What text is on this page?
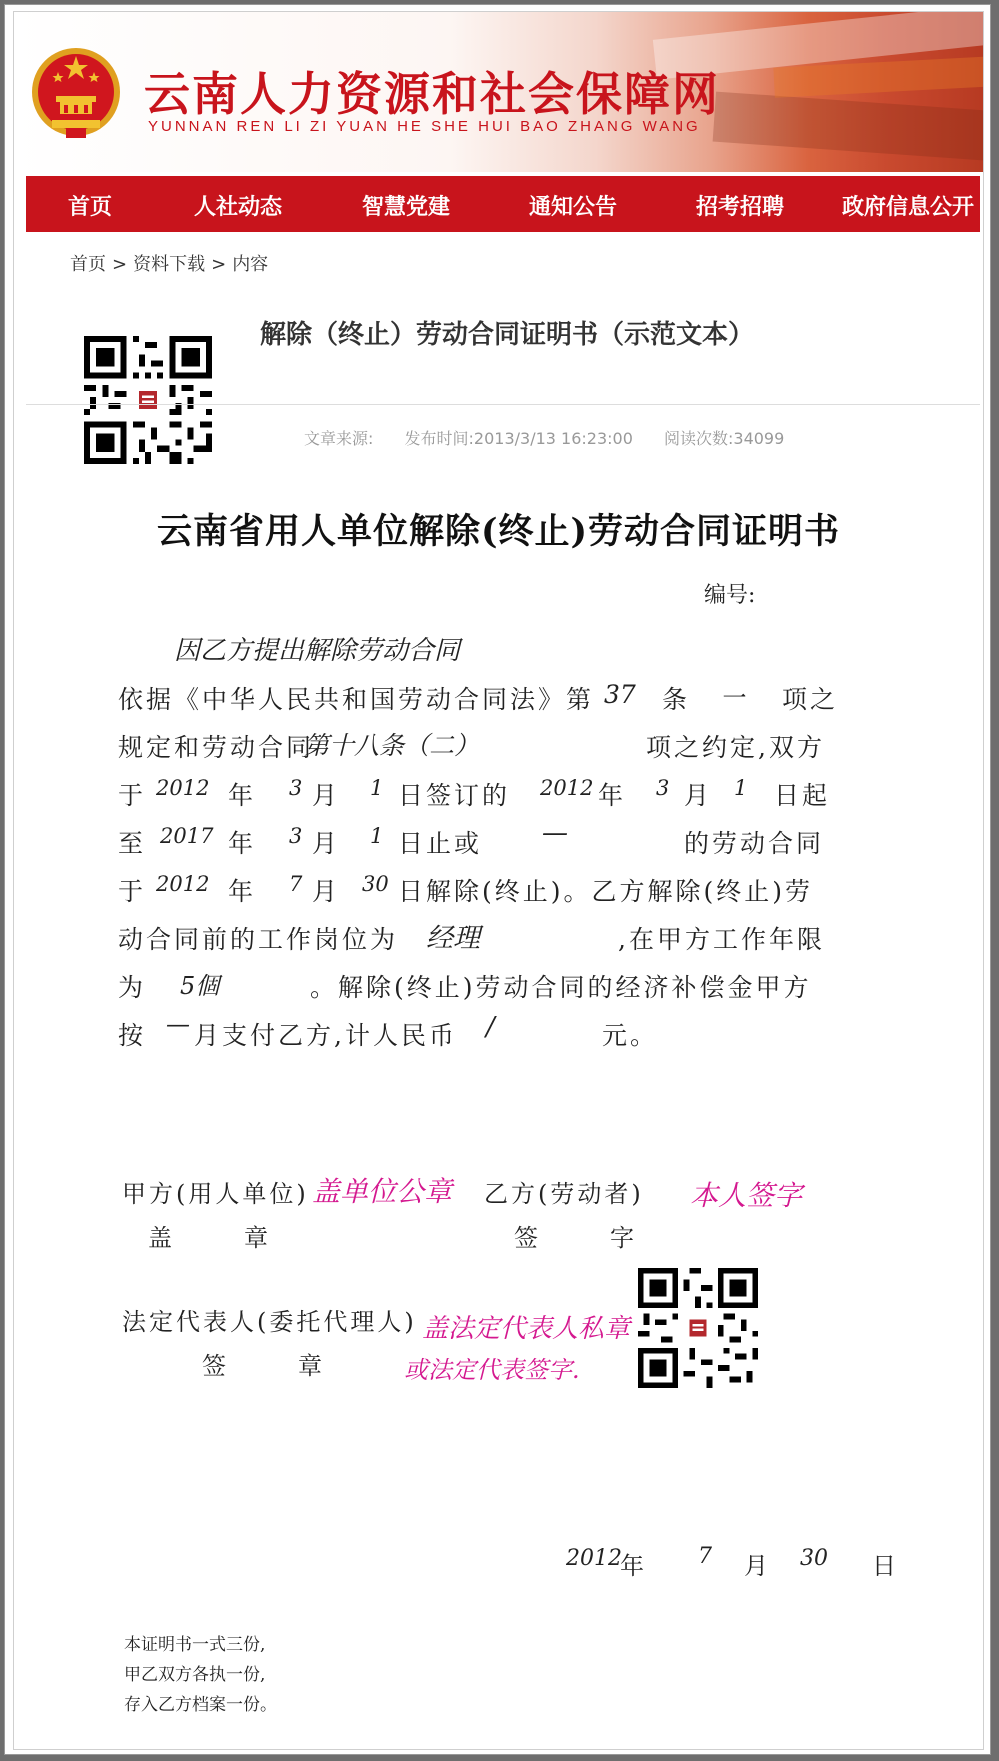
云南人力资源和社会保障网
YUNNAN REN LI ZI YUAN HE SHE HUI BAO ZHANG WANG
首页	人社动态	智慧党建	通知公告	招考招聘	政府信息公开
首页 > 资料下载 > 内容
解除（终止）劳动合同证明书（示范文本）
文章来源: 发布时间:2013/3/13 16:23:00 阅读次数:34099
云南省用人单位解除(终止)劳动合同证明书
编号:
因乙方提出解除劳动合同
依据《中华人民共和国劳动合同法》第 37 条 一 项之
规定和劳动合同
第十八条（二）	项之约定,双方
于 2012 年 3 月 1 日签订的 2012 年 3 月 1 日起
至 2017 年 3 月 1 日止或 —	的劳动合同
于 2012 年 7 月 30 日解除(终止)。乙方解除(终止)劳
动合同前的工作岗位为 经理	,在甲方工作年限
为 5個	。解除(终止)劳动合同的经济补偿金甲方
按 — 月支付乙方,计人民币 /	元。
甲方(用人单位) 盖单位公章
盖　　章
乙方(劳动者) 本人签字
签　　字
法定代表人(委托代理人)
签　　章
盖法定代表人私章
或法定代表签字.
2012
年 7 月 30 日
本证明书一式三份,
甲乙双方各执一份,
存入乙方档案一份。
